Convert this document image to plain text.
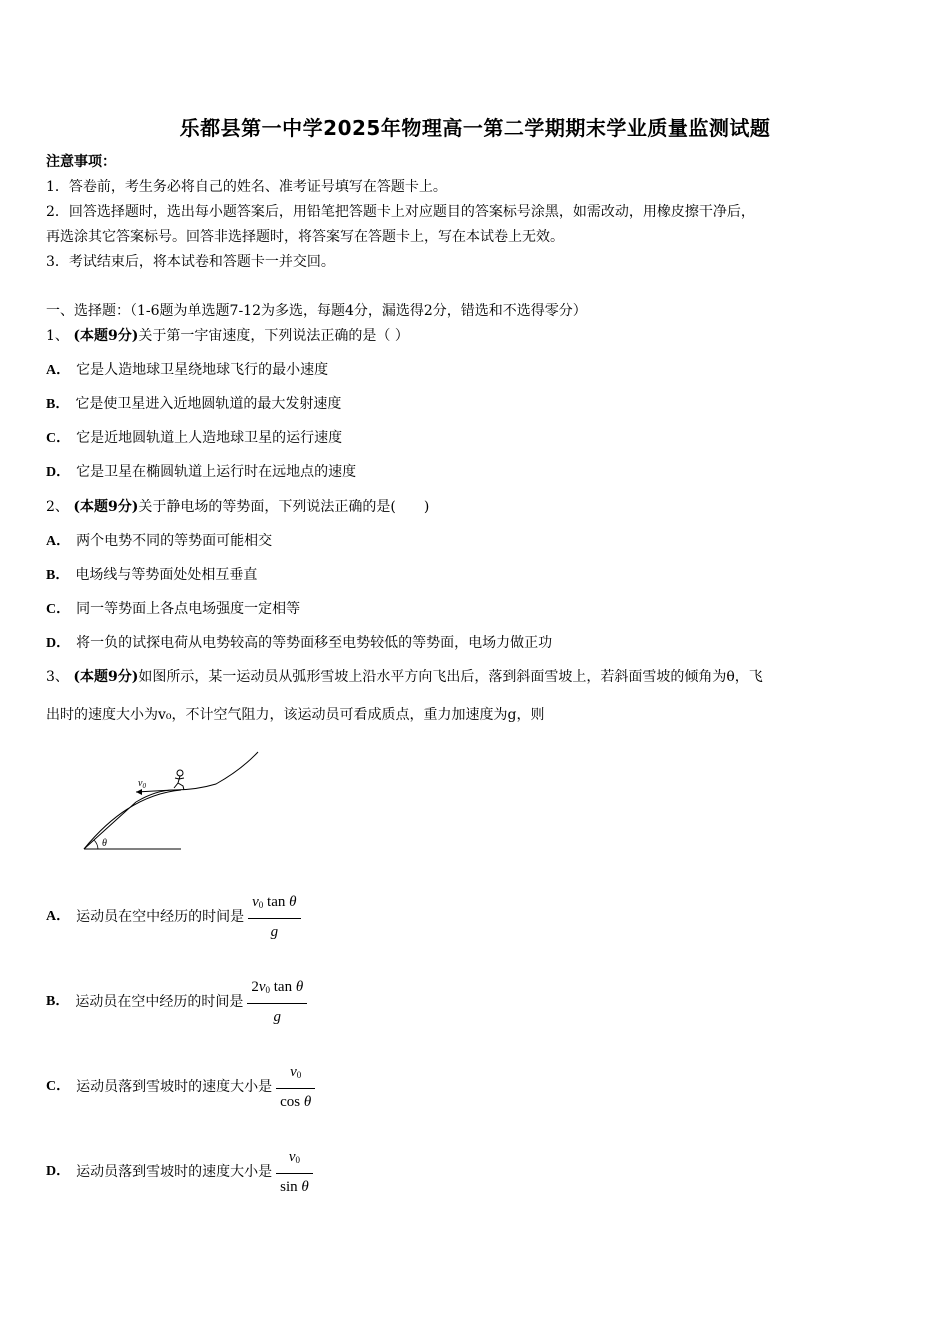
乐都县第一中学2025年物理高一第二学期期末学业质量监测试题
注意事项：
1．答卷前，考生务必将自己的姓名、准考证号填写在答题卡上。
2．回答选择题时，选出每小题答案后，用铅笔把答题卡上对应题目的答案标号涂黑，如需改动，用橡皮擦干净后，
再选涂其它答案标号。回答非选择题时，将答案写在答题卡上，写在本试卷上无效。
3．考试结束后，将本试卷和答题卡一并交回。
一、选择题：（1-6题为单选题7-12为多选，每题4分，漏选得2分，错选和不选得零分）
1、 (本题9分)关于第一宇宙速度，下列说法正确的是（ ）
A． 它是人造地球卫星绕地球飞行的最小速度
B． 它是使卫星进入近地圆轨道的最大发射速度
C． 它是近地圆轨道上人造地球卫星的运行速度
D． 它是卫星在椭圆轨道上运行时在远地点的速度
2、 (本题9分)关于静电场的等势面，下列说法正确的是(　　)
A． 两个电势不同的等势面可能相交
B． 电场线与等势面处处相互垂直
C． 同一等势面上各点电场强度一定相等
D． 将一负的试探电荷从电势较高的等势面移至电势较低的等势面，电场力做正功
3、 (本题9分)如图所示，某一运动员从弧形雪坡上沿水平方向飞出后，落到斜面雪坡上，若斜面雪坡的倾角为θ，飞
出时的速度大小为v₀，不计空气阻力，该运动员可看成质点，重力加速度为g，则
$v_0$
θ
A． 运动员在空中经历的时间是 $\frac{v_0 \tan \theta}{g}$
B． 运动员在空中经历的时间是 $\frac{2v_0 \tan \theta}{g}$
C． 运动员落到雪坡时的速度大小是 $\frac{v_0}{\text{cos θ}}$
D． 运动员落到雪坡时的速度大小是 $\frac{v_0}{\text{sin θ}}$
